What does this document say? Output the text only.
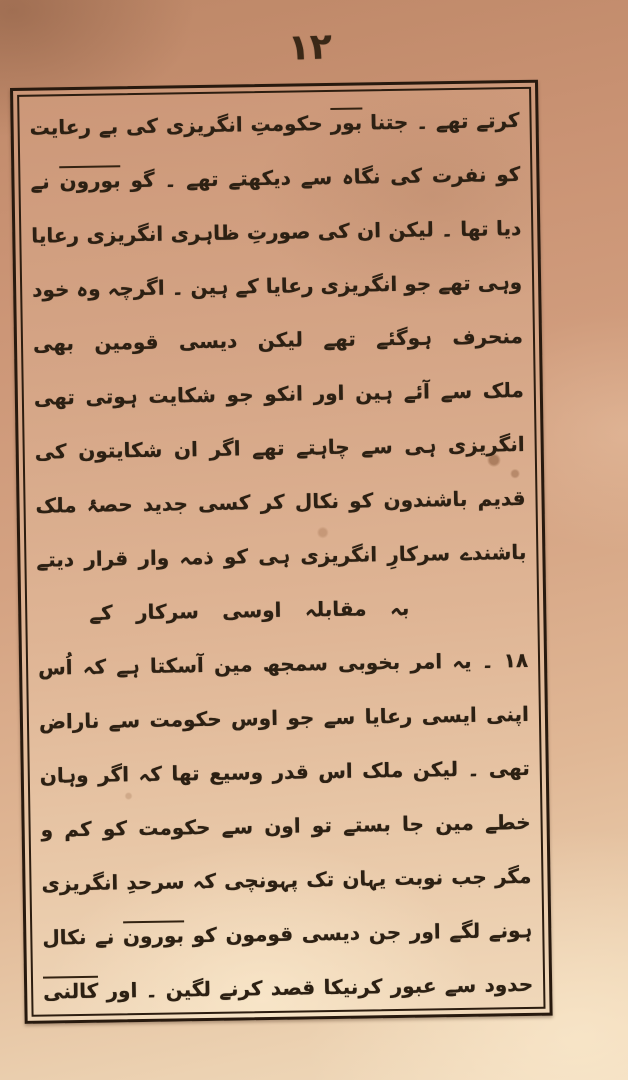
۱۲
کرتے تھے ۔ جتنا بور حکومتِ انگریزی کی بے رعایت
کو نفرت کی نگاہ سے دیکھتے تھے ۔ گو بورون نے
دیا تھا ۔ لیکن ان کی صورتِ ظاہری انگریزی رعایا
وہی تھے جو انگریزی رعایا کے ہین ۔ اگرچہ وہ خود
منحرف ہوگئے تھے لیکن دیسی قومین بھی
ملک سے آئے ہین اور انکو جو شکایت ہوتی تھی
انگریزی ہی سے چاہتے تھے اگر ان شکایتون کی
قدیم باشندون کو نکال کر کسی جدید حصۂ ملک
باشندے سرکارِ انگریزی ہی کو ذمہ وار قرار دیتے
بہ مقابلہ اوسی سرکار کے
۱۸ ۔ یہ امر بخوبی سمجھ مین آسکتا ہے کہ اُس
اپنی ایسی رعایا سے جو اوس حکومت سے ناراض
تھی ۔ لیکن ملک اس قدر وسیع تھا کہ اگر وہان
خطے مین جا بستے تو اون سے حکومت کو کم و
مگر جب نوبت یہان تک پہونچی کہ سرحدِ انگریزی
ہونے لگے اور جن دیسی قومون کو بورون نے نکال
حدود سے عبور کرنیکا قصد کرنے لگین ۔ اور کالنی
